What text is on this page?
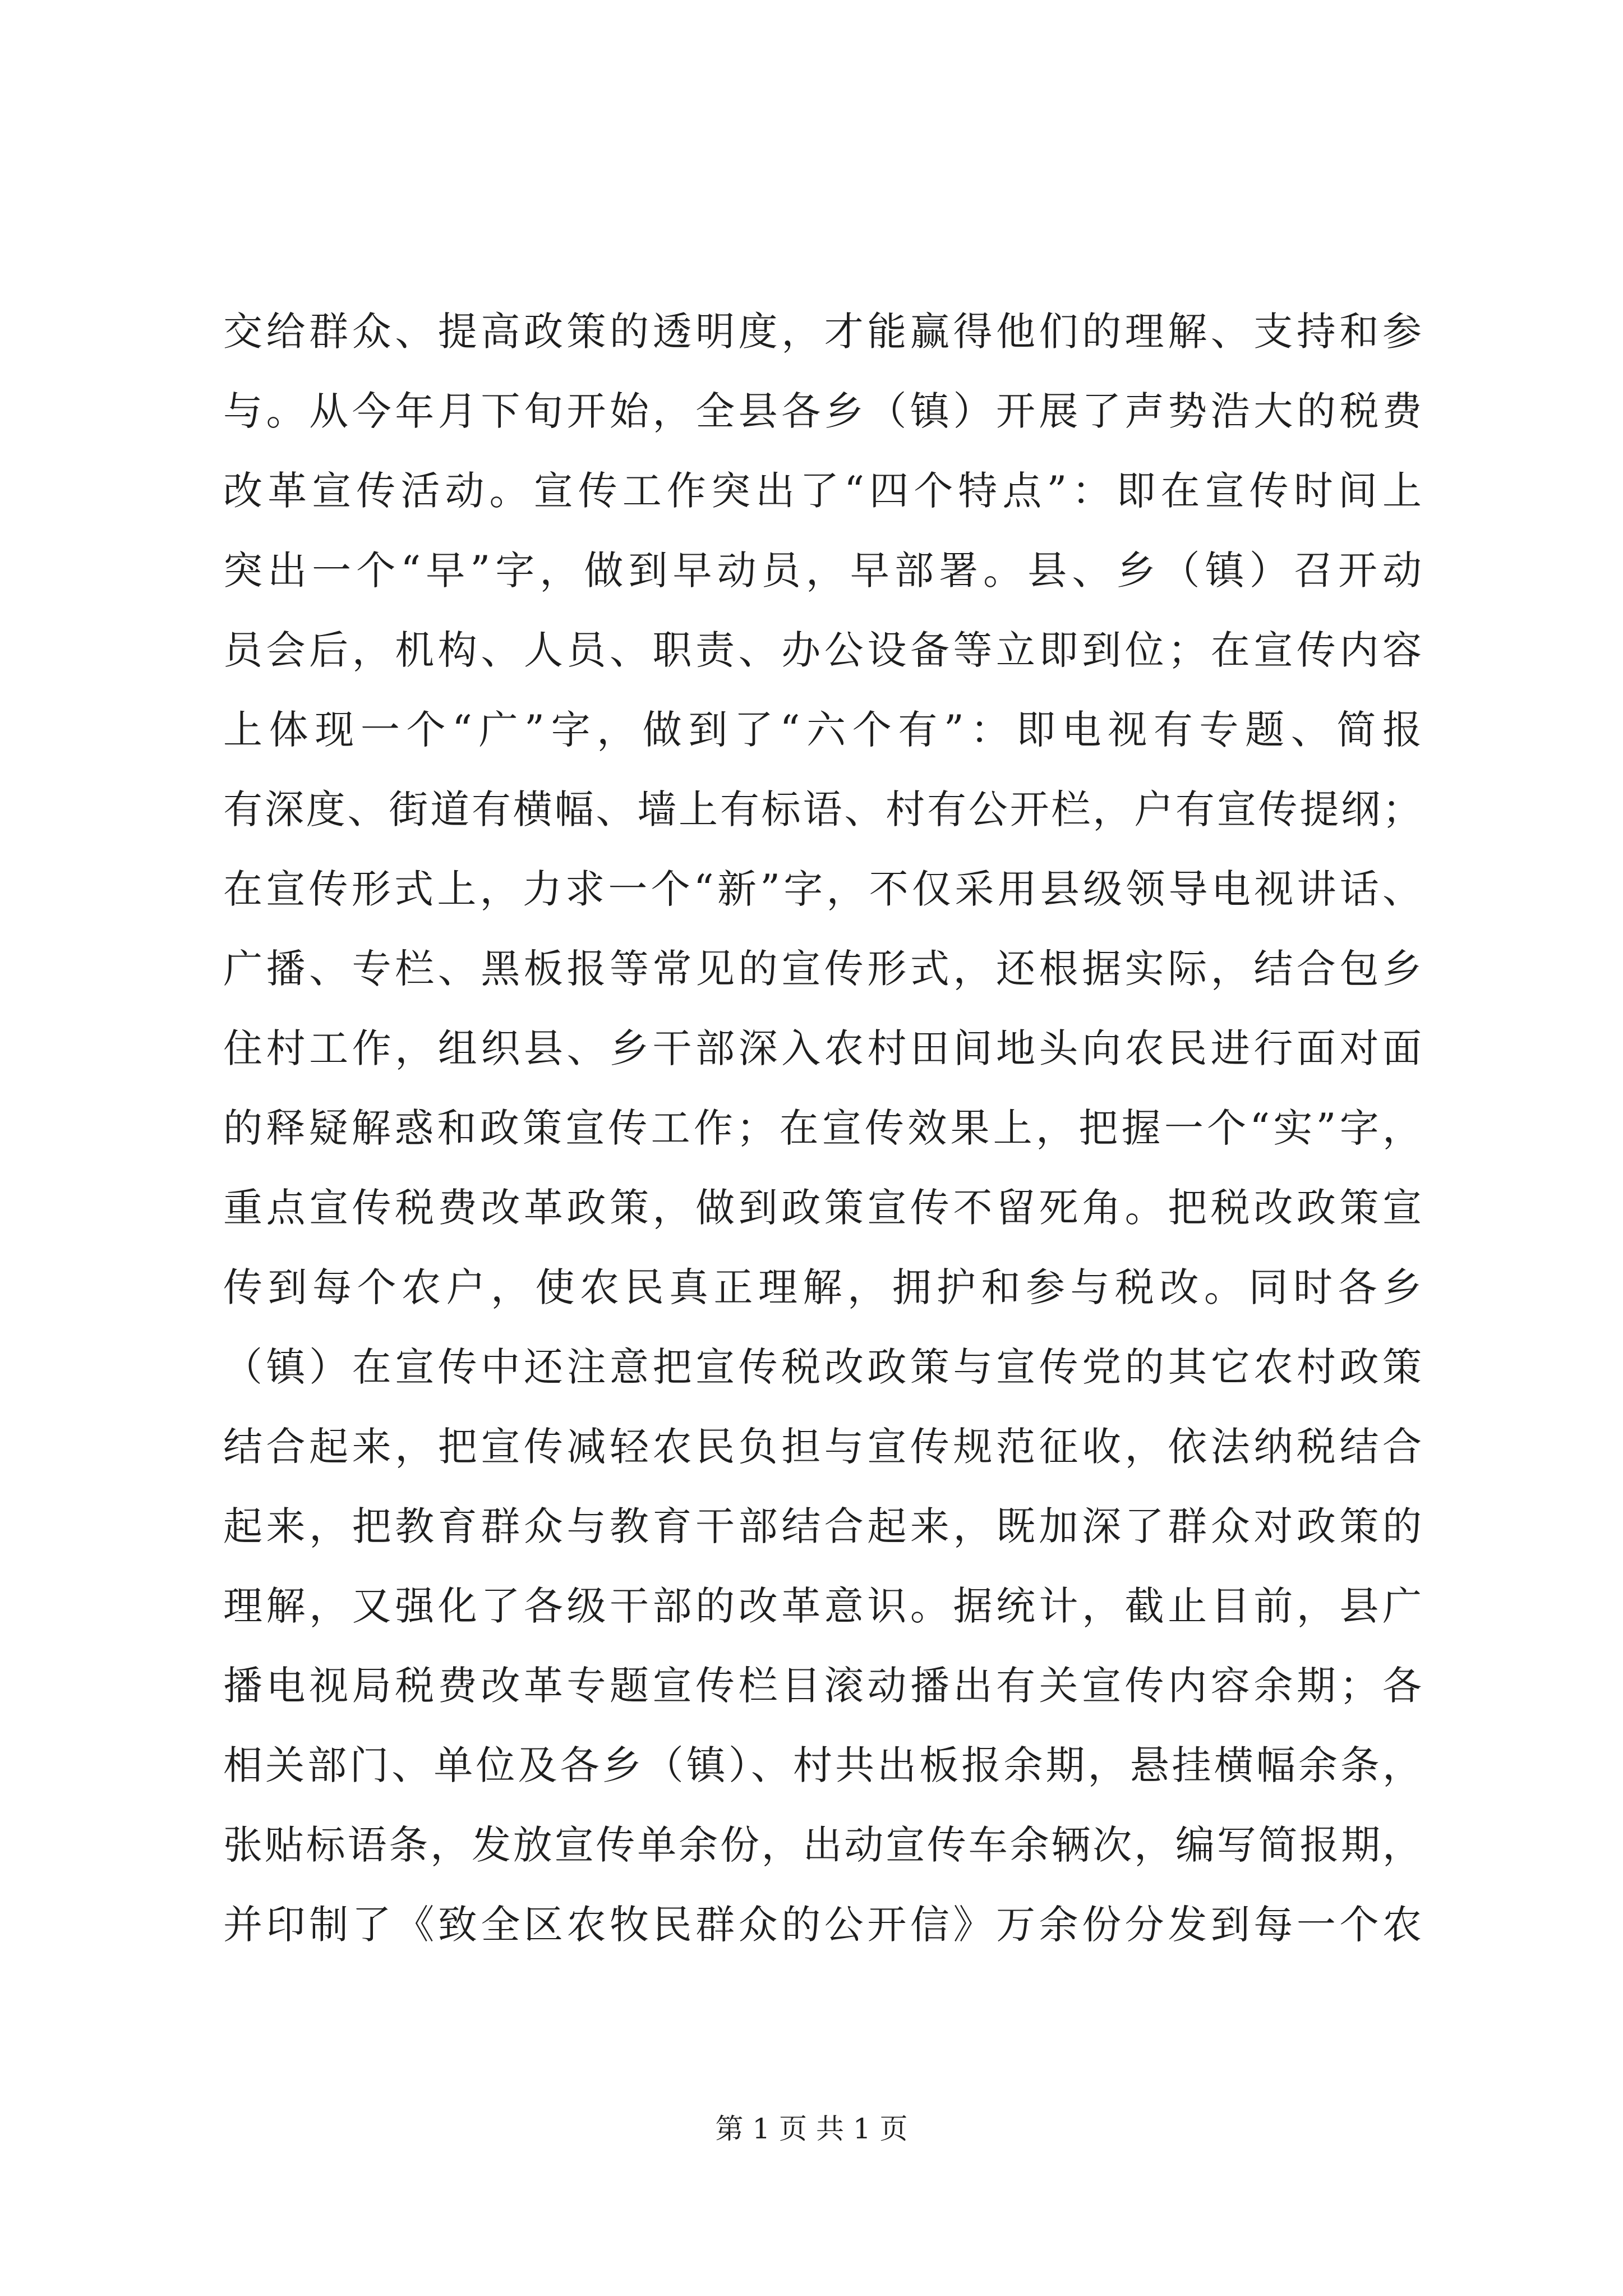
交给群众、提高政策的透明度，才能赢得他们的理解、支持和参
与。从今年月下旬开始，全县各乡（镇）开展了声势浩大的税费
改革宣传活动。宣传工作突出了“四个特点”：即在宣传时间上
突出一个“早”字，做到早动员，早部署。县、乡（镇）召开动
员会后，机构、人员、职责、办公设备等立即到位；在宣传内容
上体现一个“广”字，做到了“六个有”：即电视有专题、简报
有深度、街道有横幅、墙上有标语、村有公开栏，户有宣传提纲；
在宣传形式上，力求一个“新”字，不仅采用县级领导电视讲话、
广播、专栏、黑板报等常见的宣传形式，还根据实际，结合包乡
住村工作，组织县、乡干部深入农村田间地头向农民进行面对面
的释疑解惑和政策宣传工作；在宣传效果上，把握一个“实”字，
重点宣传税费改革政策，做到政策宣传不留死角。把税改政策宣
传到每个农户，使农民真正理解，拥护和参与税改。同时各乡
（镇）在宣传中还注意把宣传税改政策与宣传党的其它农村政策
结合起来，把宣传减轻农民负担与宣传规范征收，依法纳税结合
起来，把教育群众与教育干部结合起来，既加深了群众对政策的
理解，又强化了各级干部的改革意识。据统计，截止目前，县广
播电视局税费改革专题宣传栏目滚动播出有关宣传内容余期；各
相关部门、单位及各乡（镇）、村共出板报余期，悬挂横幅余条，
张贴标语条，发放宣传单余份，出动宣传车余辆次，编写简报期，
并印制了《致全区农牧民群众的公开信》万余份分发到每一个农
第 1 页 共 1 页
